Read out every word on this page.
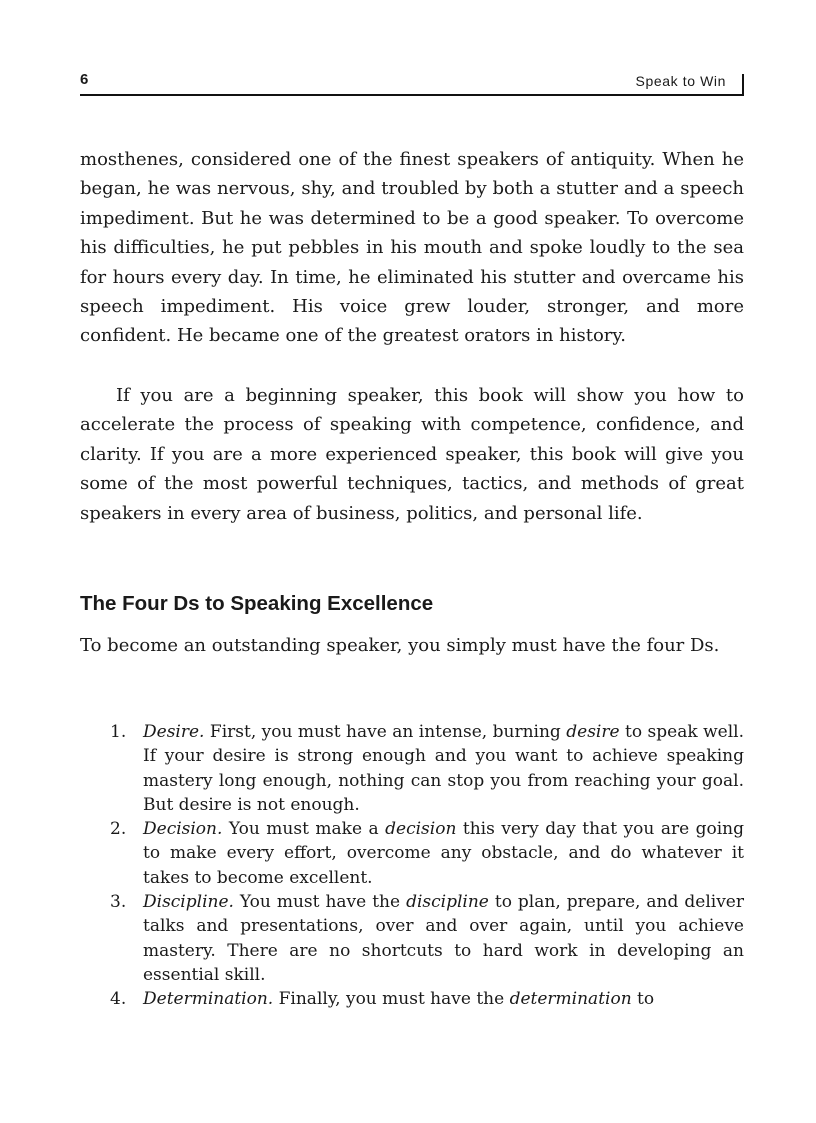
6	Speak to Win

mosthenes, considered one of the finest speakers of antiquity. When he began, he was nervous, shy, and troubled by both a stutter and a speech impediment. But he was determined to be a good speaker. To overcome his difficulties, he put pebbles in his mouth and spoke loudly to the sea for hours every day. In time, he eliminated his stutter and overcame his speech impediment. His voice grew louder, stronger, and more confident. He became one of the greatest orators in history.

If you are a beginning speaker, this book will show you how to accelerate the process of speaking with competence, confidence, and clarity. If you are a more experienced speaker, this book will give you some of the most powerful techniques, tactics, and methods of great speakers in every area of business, politics, and personal life.

The Four Ds to Speaking Excellence

To become an outstanding speaker, you simply must have the four Ds.

1. Desire. First, you must have an intense, burning desire to speak well. If your desire is strong enough and you want to achieve speaking mastery long enough, nothing can stop you from reaching your goal. But desire is not enough.
2. Decision. You must make a decision this very day that you are going to make every effort, overcome any obstacle, and do whatever it takes to become excellent.
3. Discipline. You must have the discipline to plan, prepare, and deliver talks and presentations, over and over again, until you achieve mastery. There are no shortcuts to hard work in developing an essential skill.
4. Determination. Finally, you must have the determination to
